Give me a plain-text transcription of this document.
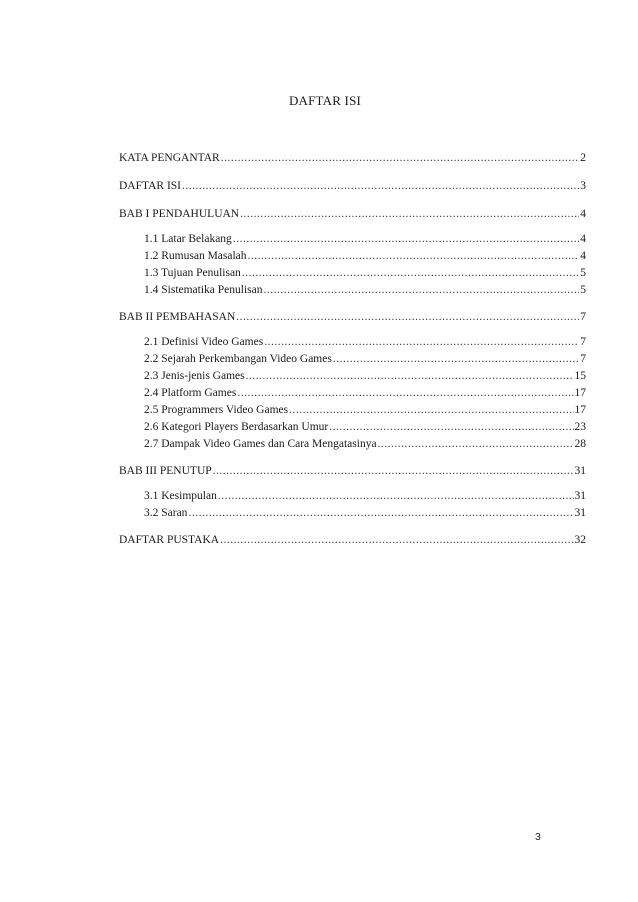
DAFTAR ISI
KATA PENGANTAR .....	2
DAFTAR ISI .....	3
BAB I PENDAHULUAN .....	4
1.1 Latar Belakang .....	4
1.2 Rumusan Masalah .....	4
1.3 Tujuan Penulisan .....	5
1.4 Sistematika Penulisan .....	5
BAB II PEMBAHASAN .....	7
2.1 Definisi Video Games .....	7
2.2 Sejarah Perkembangan Video Games .....	7
2.3 Jenis-jenis Games .....	15
2.4 Platform Games .....	17
2.5 Programmers Video Games .....	17
2.6 Kategori Players Berdasarkan Umur .....	23
2.7 Dampak Video Games dan Cara Mengatasinya .....	28
BAB III PENUTUP .....	31
3.1 Kesimpulan .....	31
3.2 Saran .....	31
DAFTAR PUSTAKA .....	32
3
